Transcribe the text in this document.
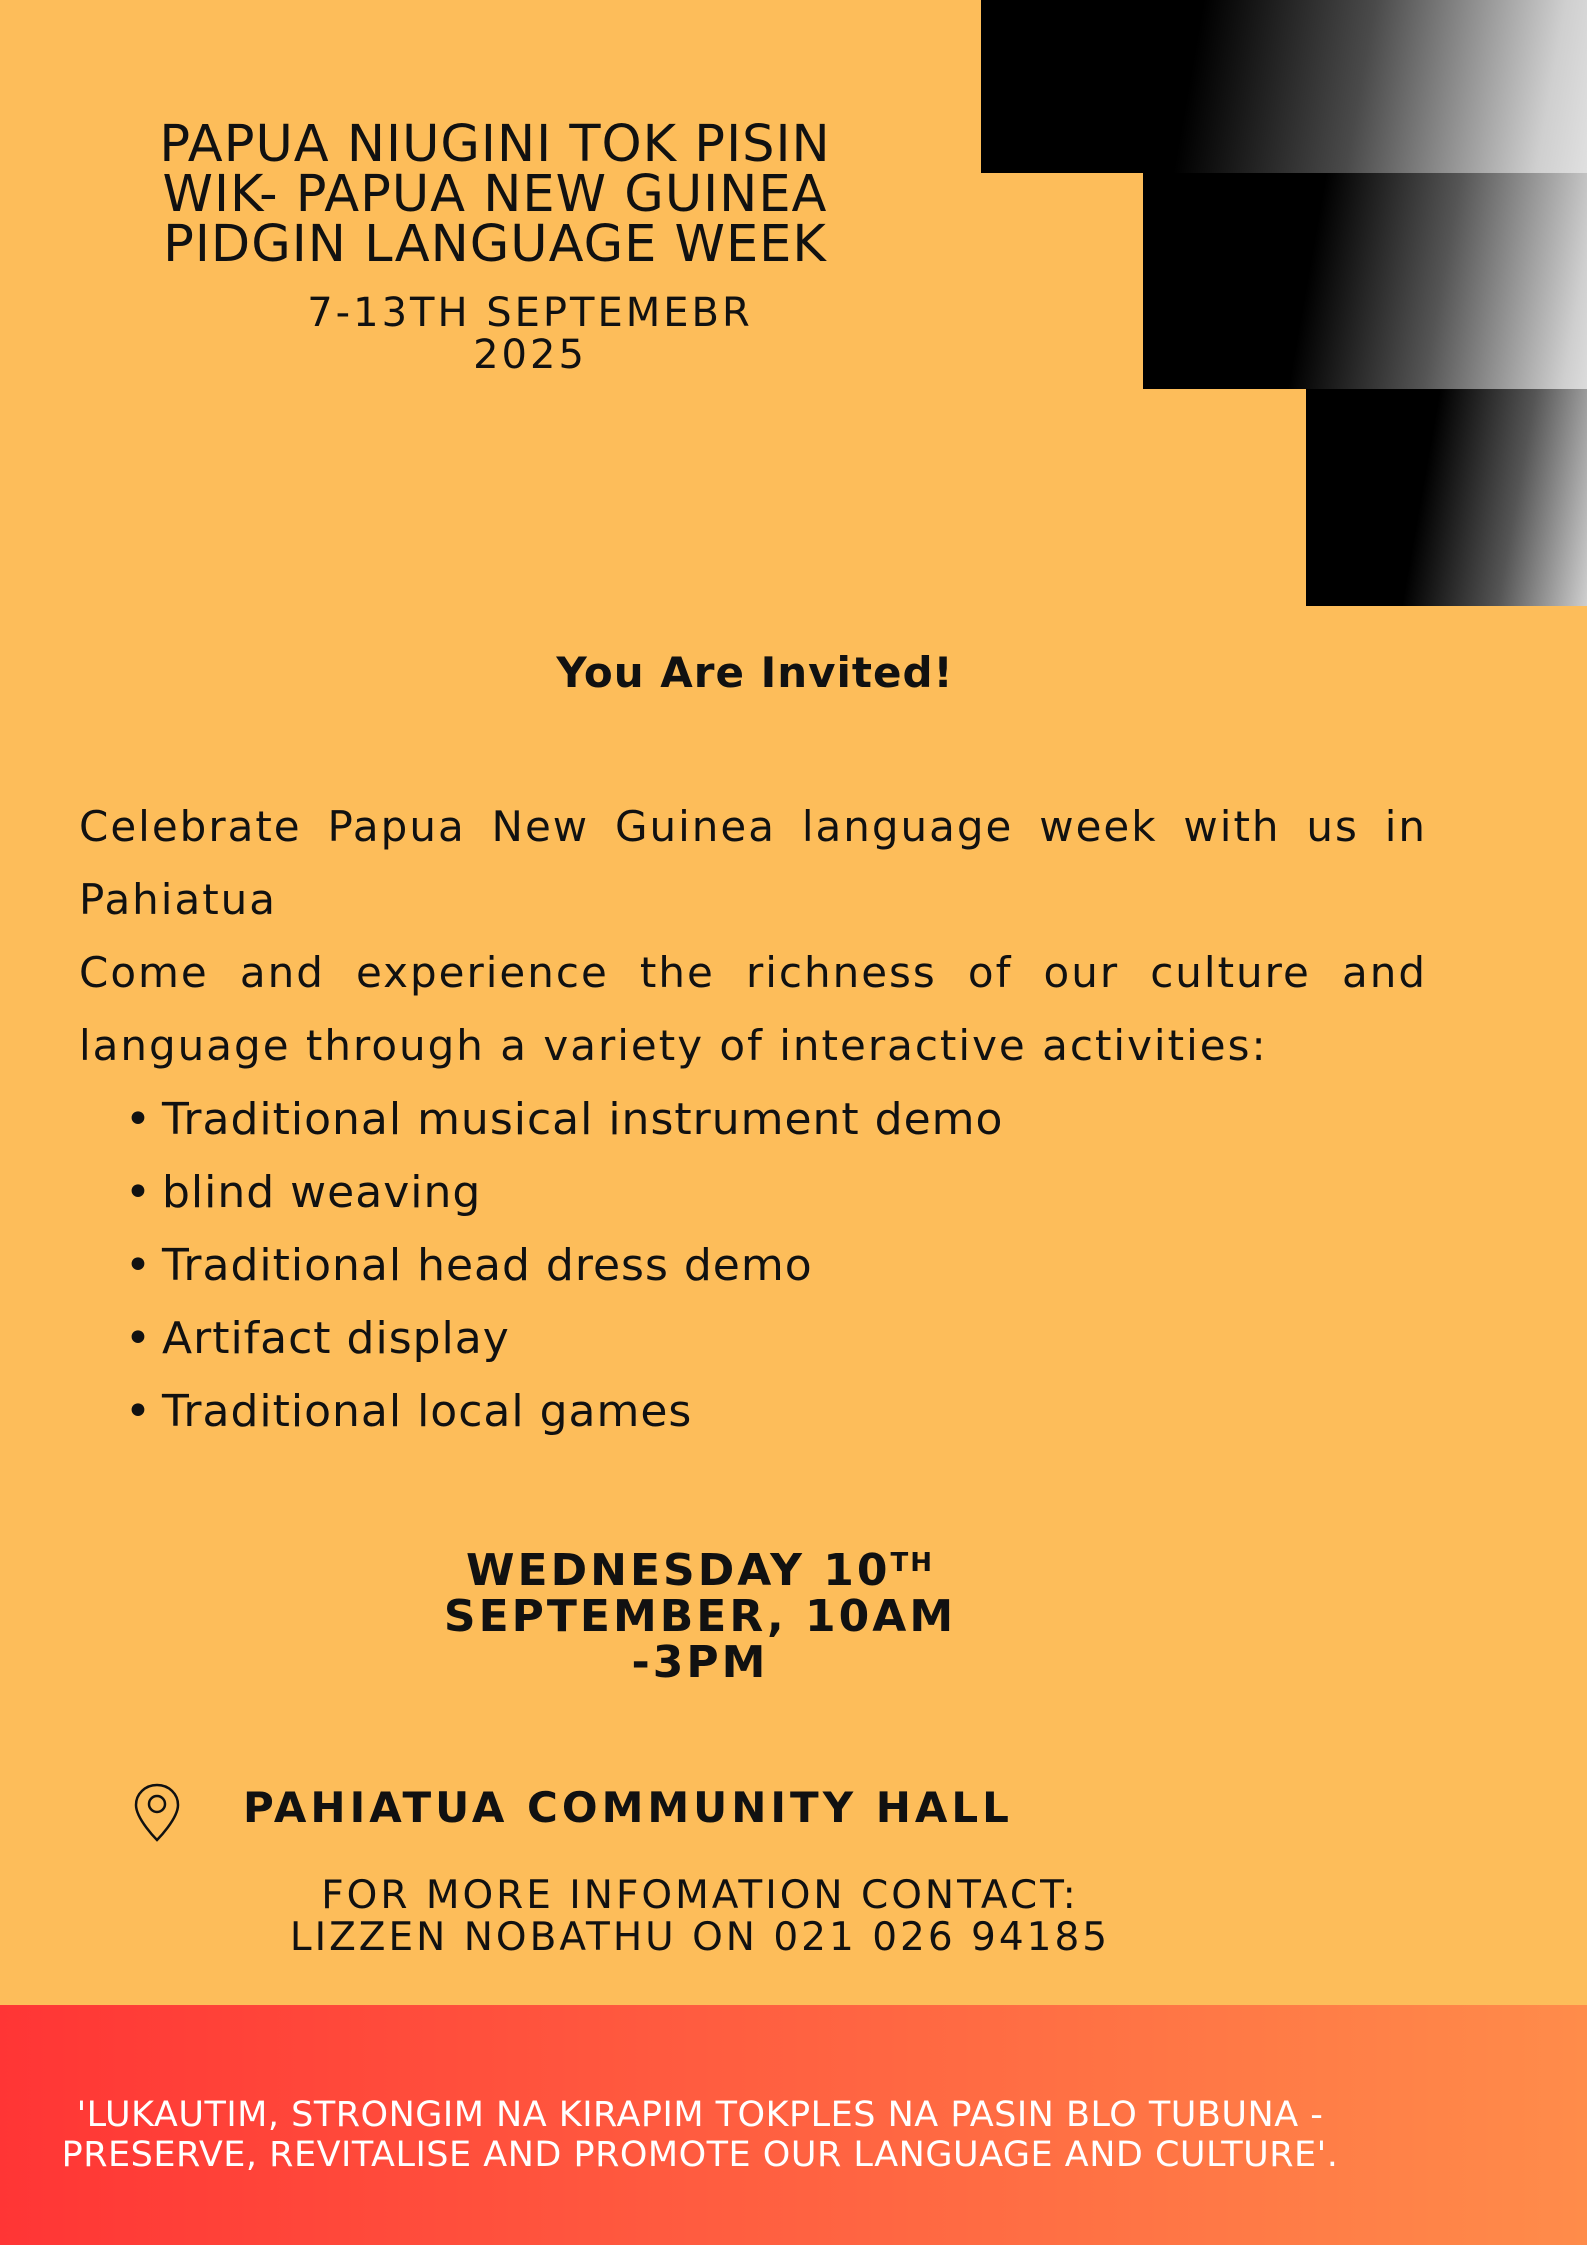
PAPUA NIUGINI TOK PISIN
WIK- PAPUA NEW GUINEA
PIDGIN LANGUAGE WEEK
7-13TH SEPTEMEBR
2025
You Are Invited!

Celebrate Papua New Guinea language week with us in Pahiatua

Come and experience the richness of our culture and language through a variety of interactive activities:

• Traditional musical instrument demo
• blind weaving
• Traditional head dress demo
• Artifact display
• Traditional local games
WEDNESDAY 10TH
SEPTEMBER, 10AM
-3PM
PAHIATUA COMMUNITY HALL
FOR MORE INFOMATION CONTACT:
LIZZEN NOBATHU ON 021 026 94185
'LUKAUTIM, STRONGIM NA KIRAPIM TOKPLES NA PASIN BLO TUBUNA -
PRESERVE, REVITALISE AND PROMOTE OUR LANGUAGE AND CULTURE'.
